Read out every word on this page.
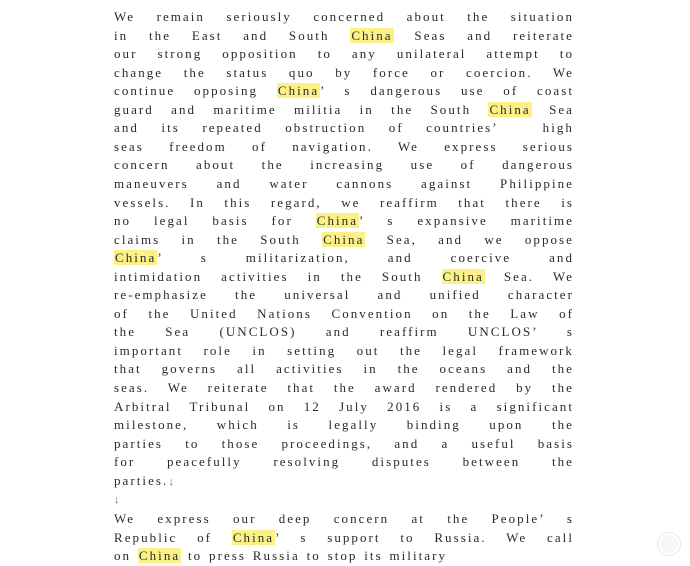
We remain seriously concerned about the situation
in the East and South China Seas and reiterate
our strong opposition to any unilateral attempt to
change the status quo by force or coercion. We
continue opposing China’ s dangerous use of coast
guard and maritime militia in the South China Sea
and its repeated obstruction of countries’  high
seas freedom of navigation. We express serious
concern about the increasing use of dangerous
maneuvers and water cannons against Philippine
vessels. In this regard, we reaffirm that there is
no legal basis for China’ s expansive maritime
claims in the South China Sea, and we oppose
China’ s militarization, and coercive and
intimidation activities in the South China Sea. We
re-emphasize the universal and unified character
of the United Nations Convention on the Law of
the Sea (UNCLOS) and reaffirm UNCLOS’ s
important role in setting out the legal framework
that governs all activities in the oceans and the
seas. We reiterate that the award rendered by the
Arbitral Tribunal on 12 July 2016 is a significant
milestone, which is legally binding upon the
parties to those proceedings, and a useful basis
for peacefully resolving disputes between the
parties.↓
↓
We express our deep concern at the People’ s
Republic of China’ s support to Russia. We call
on China to press Russia to stop its military
